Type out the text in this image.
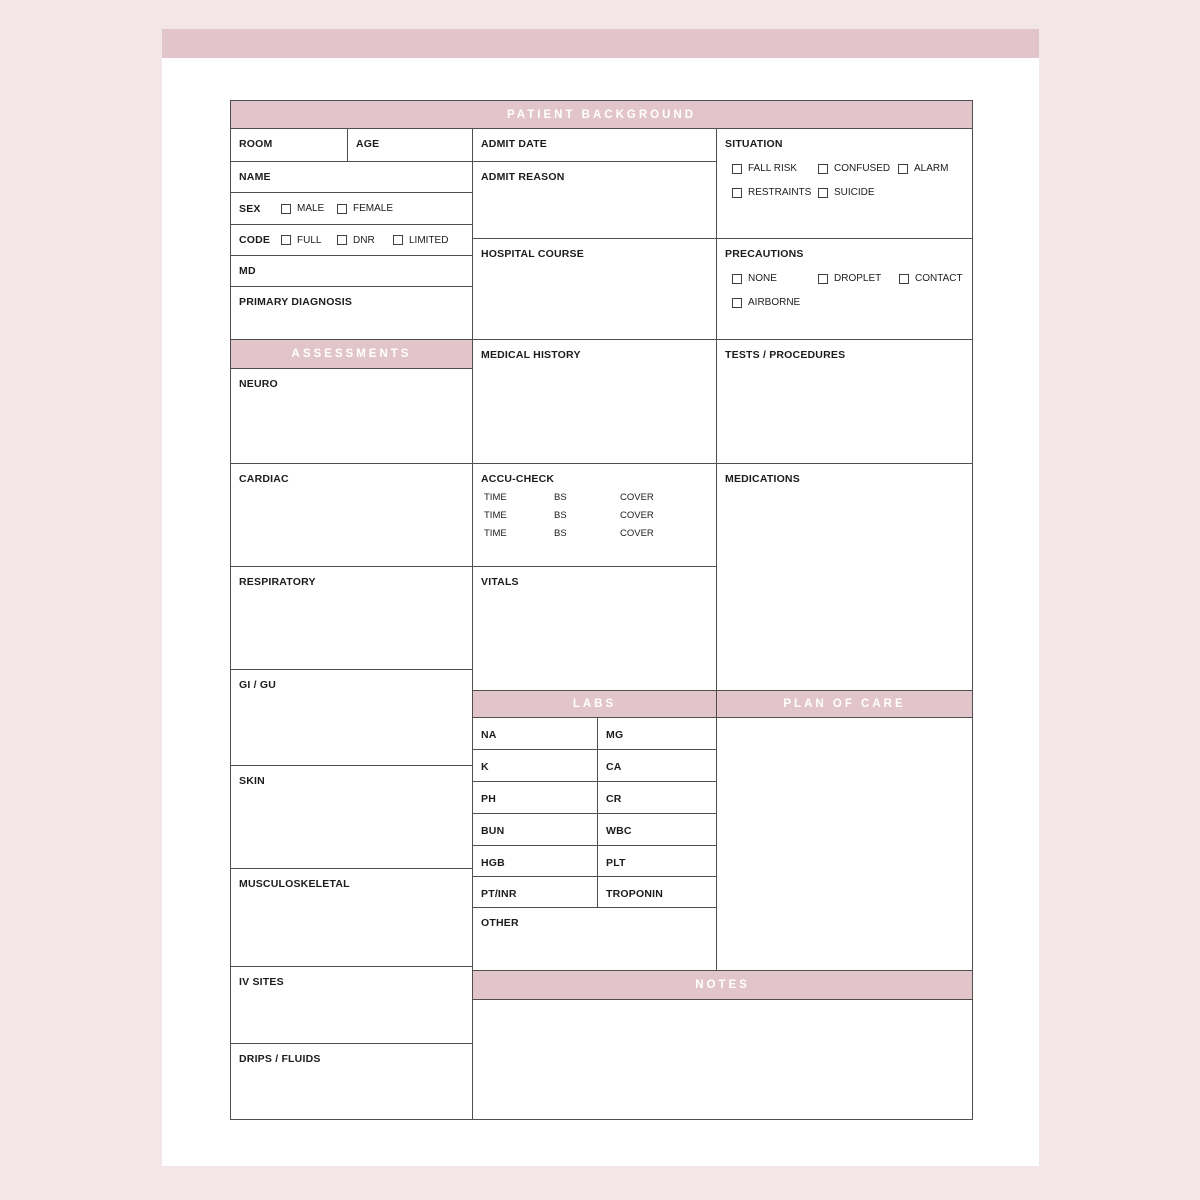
PATIENT BACKGROUND
ROOM	AGE
NAME
SEX	MALE	FEMALE
CODE	FULL	DNR	LIMITED
MD
PRIMARY DIAGNOSIS
ADMIT DATE
ADMIT REASON
HOSPITAL COURSE
SITUATION
FALL RISK	CONFUSED ALARM
RESTRAINTS SUICIDE
PRECAUTIONS
NONE	DROPLET	CONTACT
AIRBORNE
ASSESSMENTS
NEURO
CARDIAC
RESPIRATORY
GI / GU
SKIN
MUSCULOSKELETAL
IV SITES
DRIPS / FLUIDS
MEDICAL HISTORY
ACCU-CHECK
TIME	BS	COVER
TIME	BS	COVER
TIME	BS	COVER
VITALS
TESTS / PROCEDURES
MEDICATIONS
LABS
NA	MG
K	CA
PH	CR
BUN	WBC
HGB	PLT
PT/INR	TROPONIN
OTHER
PLAN OF CARE
NOTES
